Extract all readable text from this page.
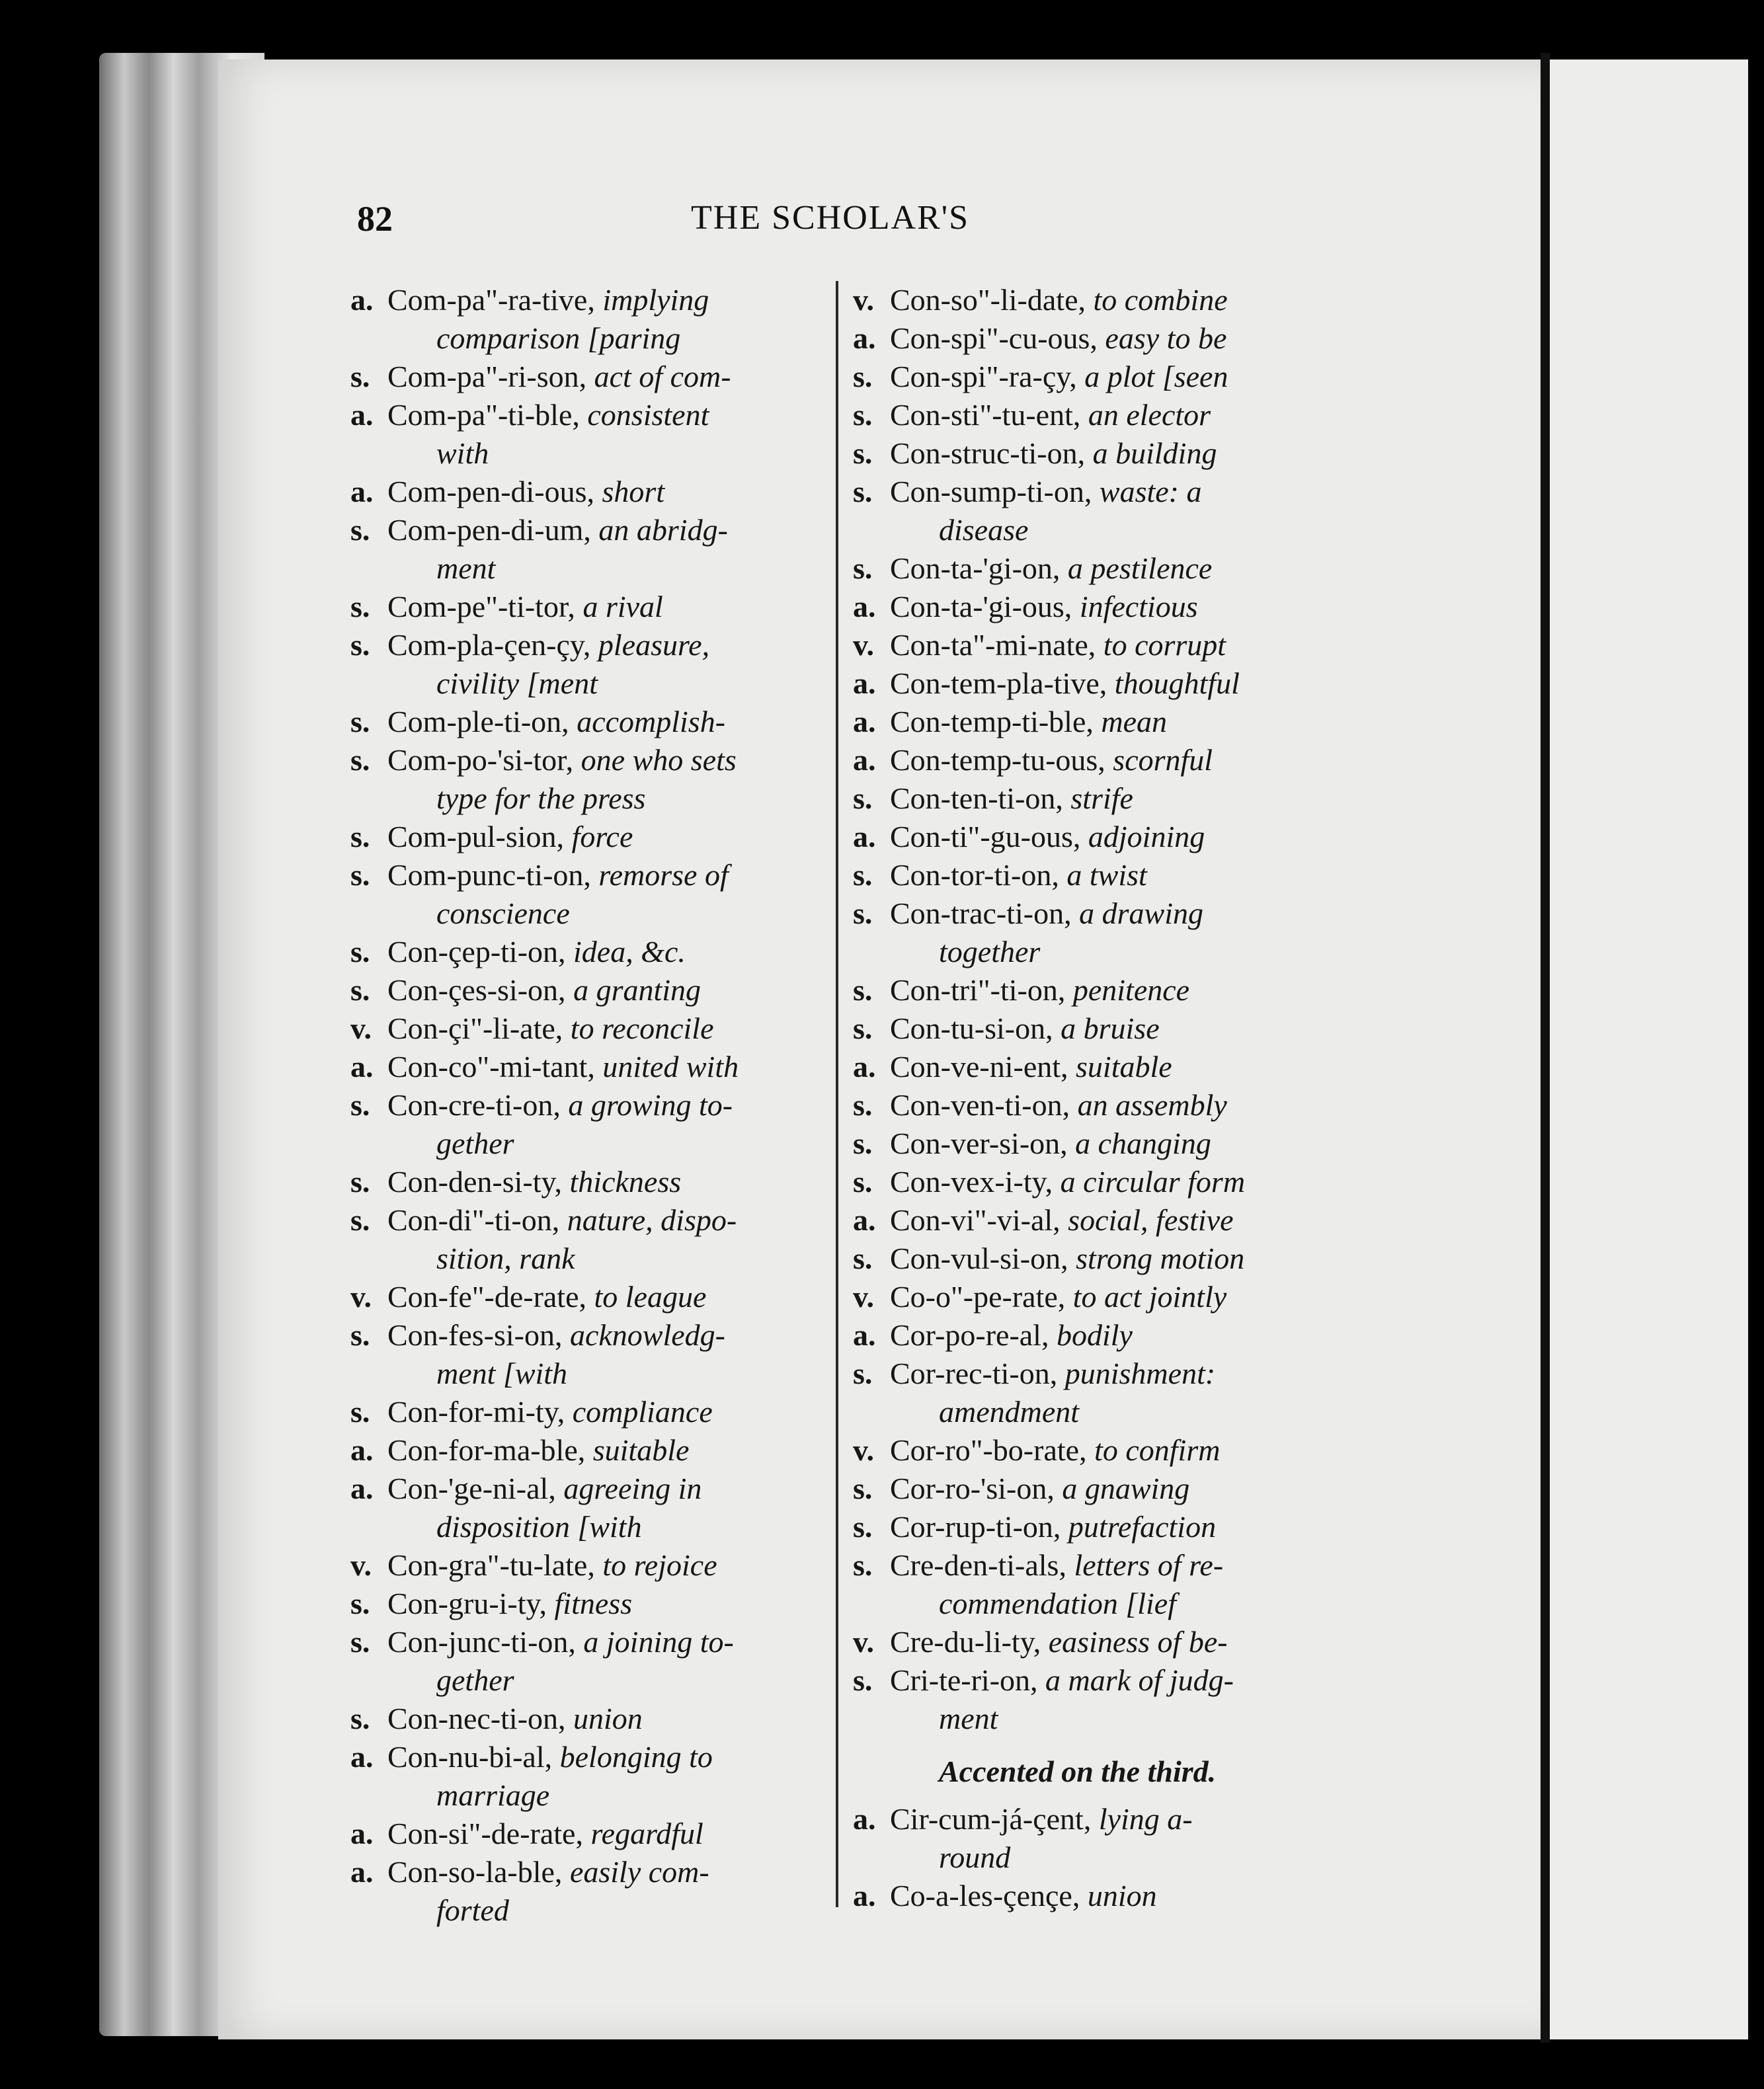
82	THE SCHOLAR'S
a. Com-pa"-ra-tive, implying
comparison [paring
s. Com-pa"-ri-son, act of com-
a. Com-pa"-ti-ble, consistent
with
a. Com-pen-di-ous, short
s. Com-pen-di-um, an abridg-
ment
s. Com-pe"-ti-tor, a rival
s. Com-pla-çen-çy, pleasure,
civility [ment
s. Com-ple-ti-on, accomplish-
s. Com-po-'si-tor, one who sets
type for the press
s. Com-pul-sion, force
s. Com-punc-ti-on, remorse of
conscience
s. Con-çep-ti-on, idea, &c.
s. Con-çes-si-on, a granting
v. Con-çi"-li-ate, to reconcile
a. Con-co"-mi-tant, united with
s. Con-cre-ti-on, a growing to-
gether
s. Con-den-si-ty, thickness
s. Con-di"-ti-on, nature, dispo-
sition, rank
v. Con-fe"-de-rate, to league
s. Con-fes-si-on, acknowledg-
ment [with
s. Con-for-mi-ty, compliance
a. Con-for-ma-ble, suitable
a. Con-'ge-ni-al, agreeing in
disposition [with
v. Con-gra"-tu-late, to rejoice
s. Con-gru-i-ty, fitness
s. Con-junc-ti-on, a joining to-
gether
s. Con-nec-ti-on, union
a. Con-nu-bi-al, belonging to
marriage
a. Con-si"-de-rate, regardful
a. Con-so-la-ble, easily com-
forted
v. Con-so"-li-date, to combine
a. Con-spi"-cu-ous, easy to be
s. Con-spi"-ra-çy, a plot [seen
s. Con-sti"-tu-ent, an elector
s. Con-struc-ti-on, a building
s. Con-sump-ti-on, waste: a
disease
s. Con-ta-'gi-on, a pestilence
a. Con-ta-'gi-ous, infectious
v. Con-ta"-mi-nate, to corrupt
a. Con-tem-pla-tive, thoughtful
a. Con-temp-ti-ble, mean
a. Con-temp-tu-ous, scornful
s. Con-ten-ti-on, strife
a. Con-ti"-gu-ous, adjoining
s. Con-tor-ti-on, a twist
s. Con-trac-ti-on, a drawing
together
s. Con-tri"-ti-on, penitence
s. Con-tu-si-on, a bruise
a. Con-ve-ni-ent, suitable
s. Con-ven-ti-on, an assembly
s. Con-ver-si-on, a changing
s. Con-vex-i-ty, a circular form
a. Con-vi"-vi-al, social, festive
s. Con-vul-si-on, strong motion
v. Co-o"-pe-rate, to act jointly
a. Cor-po-re-al, bodily
s. Cor-rec-ti-on, punishment:
amendment
v. Cor-ro"-bo-rate, to confirm
s. Cor-ro-'si-on, a gnawing
s. Cor-rup-ti-on, putrefaction
s. Cre-den-ti-als, letters of re-
commendation [lief
v. Cre-du-li-ty, easiness of be-
s. Cri-te-ri-on, a mark of judg-
ment
Accented on the third.
a. Cir-cum-já-çent, lying a-
round
a. Co-a-les-çençe, union
